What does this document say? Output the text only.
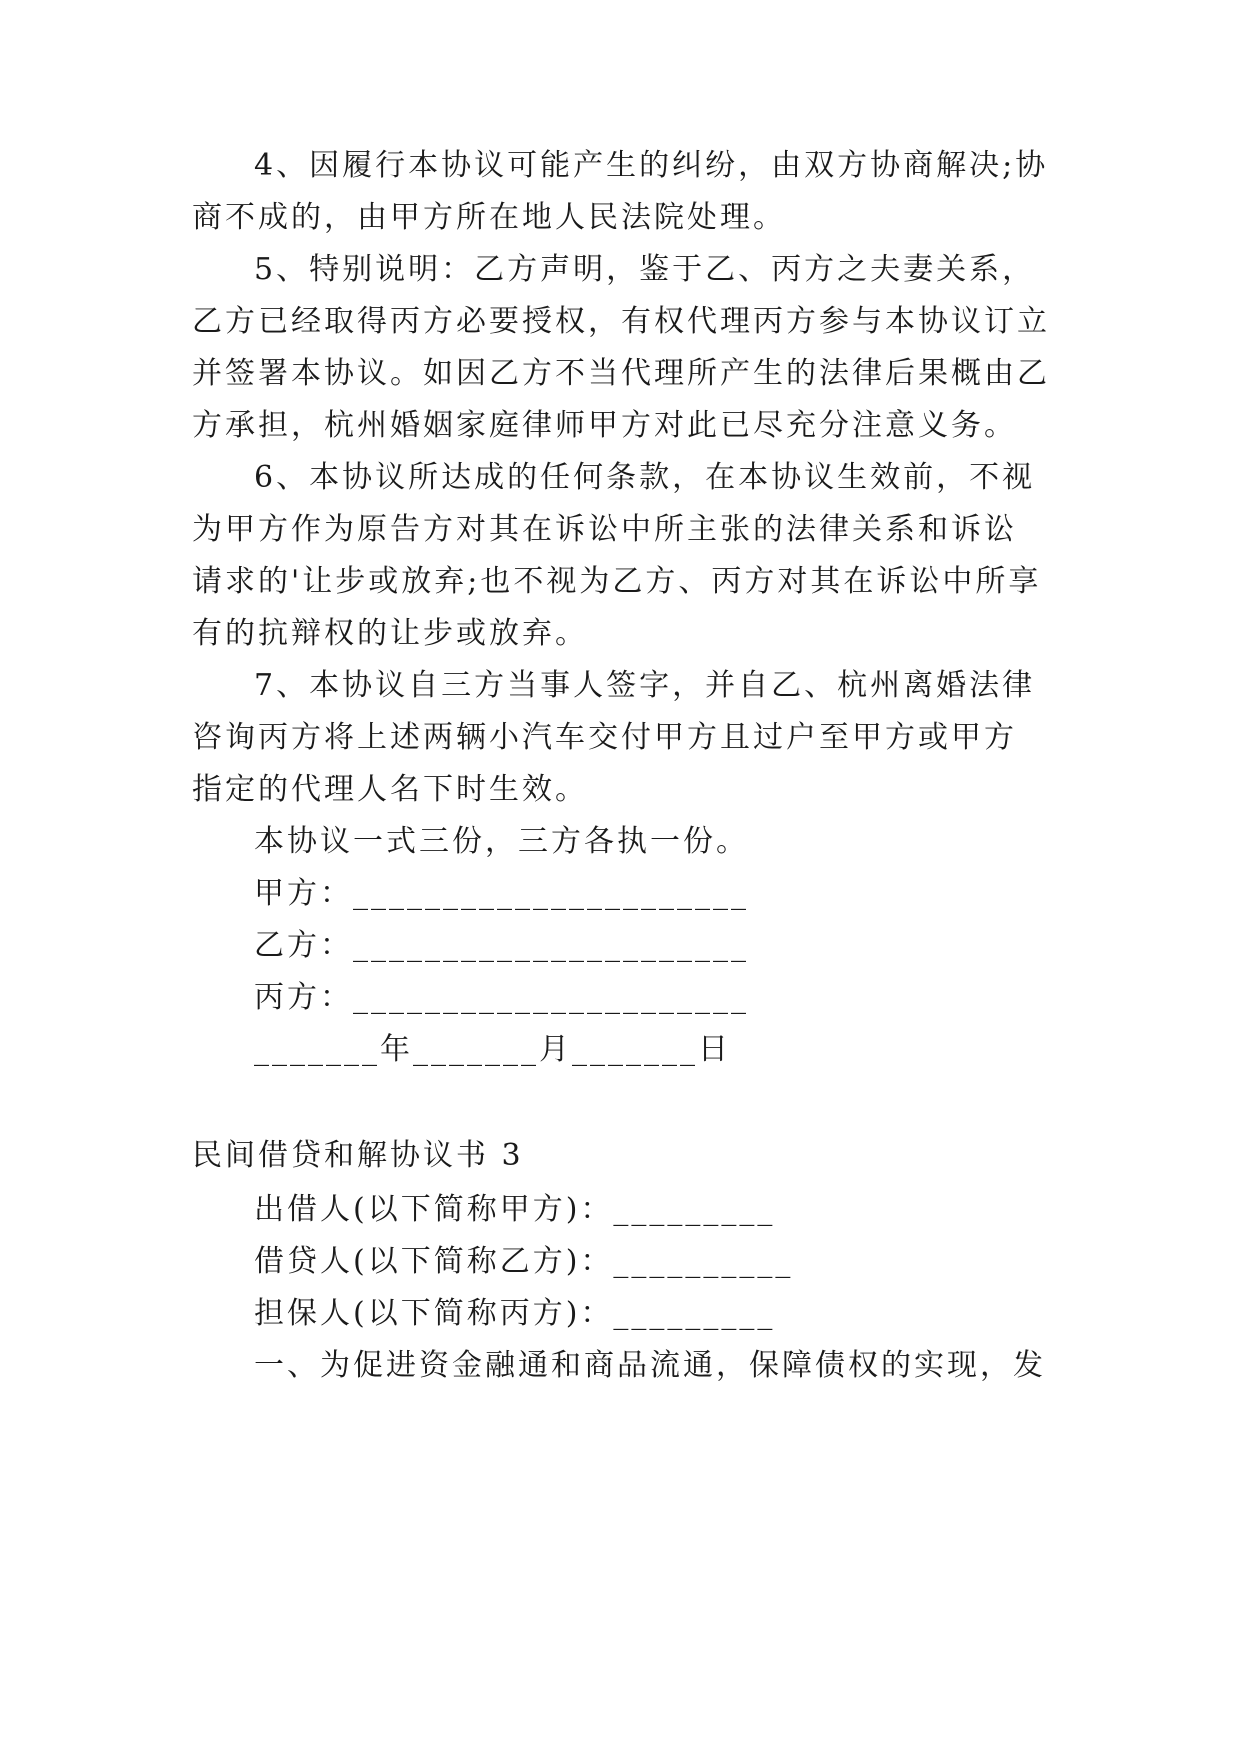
4、因履行本协议可能产生的纠纷，由双方协商解决;协
商不成的，由甲方所在地人民法院处理。
5、特别说明：乙方声明，鉴于乙、丙方之夫妻关系，
乙方已经取得丙方必要授权，有权代理丙方参与本协议订立
并签署本协议。如因乙方不当代理所产生的法律后果概由乙
方承担，杭州婚姻家庭律师甲方对此已尽充分注意义务。
6、本协议所达成的任何条款，在本协议生效前，不视
为甲方作为原告方对其在诉讼中所主张的法律关系和诉讼
请求的'让步或放弃;也不视为乙方、丙方对其在诉讼中所享
有的抗辩权的让步或放弃。
7、本协议自三方当事人签字，并自乙、杭州离婚法律
咨询丙方将上述两辆小汽车交付甲方且过户至甲方或甲方
指定的代理人名下时生效。
本协议一式三份，三方各执一份。
甲方：______________________
乙方：______________________
丙方：______________________
_______年_______月_______日
民间借贷和解协议书 3
出借人(以下简称甲方)：_________
借贷人(以下简称乙方)：__________
担保人(以下简称丙方)：_________
一、为促进资金融通和商品流通，保障债权的实现，发
